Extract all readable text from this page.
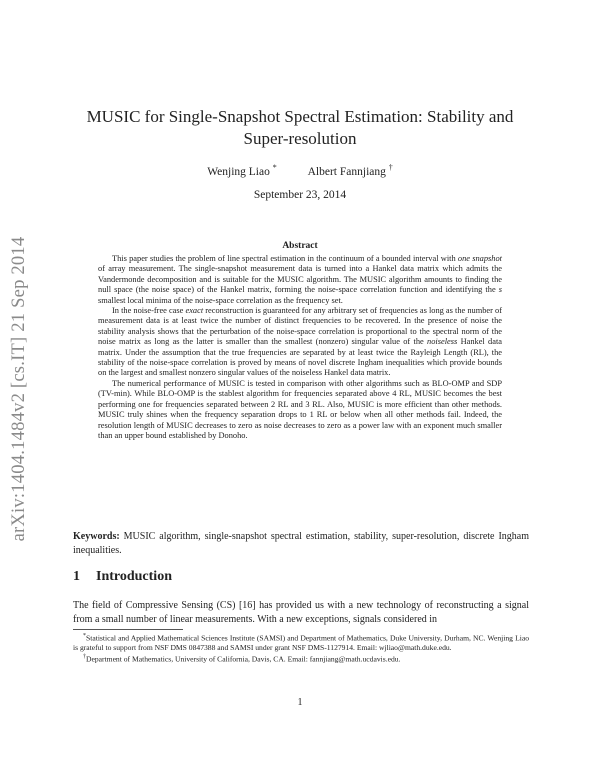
arXiv:1404.1484v2 [cs.IT] 21 Sep 2014
MUSIC for Single-Snapshot Spectral Estimation: Stability and Super-resolution
Wenjing Liao *	Albert Fannjiang †
September 23, 2014
Abstract

This paper studies the problem of line spectral estimation in the continuum of a bounded interval with one snapshot of array measurement. The single-snapshot measurement data is turned into a Hankel data matrix which admits the Vandermonde decomposition and is suitable for the MUSIC algorithm. The MUSIC algorithm amounts to finding the null space (the noise space) of the Hankel matrix, forming the noise-space correlation function and identifying the s smallest local minima of the noise-space correlation as the frequency set.

In the noise-free case exact reconstruction is guaranteed for any arbitrary set of frequencies as long as the number of measurement data is at least twice the number of distinct frequencies to be recovered. In the presence of noise the stability analysis shows that the perturbation of the noise-space correlation is proportional to the spectral norm of the noise matrix as long as the latter is smaller than the smallest (nonzero) singular value of the noiseless Hankel data matrix. Under the assumption that the true frequencies are separated by at least twice the Rayleigh Length (RL), the stability of the noise-space correlation is proved by means of novel discrete Ingham inequalities which provide bounds on the largest and smallest nonzero singular values of the noiseless Hankel data matrix.

The numerical performance of MUSIC is tested in comparison with other algorithms such as BLO-OMP and SDP (TV-min). While BLO-OMP is the stablest algorithm for frequencies separated above 4 RL, MUSIC becomes the best performing one for frequencies separated between 2 RL and 3 RL. Also, MUSIC is more efficient than other methods. MUSIC truly shines when the frequency separation drops to 1 RL or below when all other methods fail. Indeed, the resolution length of MUSIC decreases to zero as noise decreases to zero as a power law with an exponent much smaller than an upper bound established by Donoho.

Keywords: MUSIC algorithm, single-snapshot spectral estimation, stability, super-resolution, discrete Ingham inequalities.
1 Introduction
The field of Compressive Sensing (CS) [16] has provided us with a new technology of reconstructing a signal from a small number of linear measurements. With a new exceptions, signals considered in

*Statistical and Applied Mathematical Sciences Institute (SAMSI) and Department of Mathematics, Duke University, Durham, NC. Wenjing Liao is grateful to support from NSF DMS 0847388 and SAMSI under grant NSF DMS-1127914. Email: wjliao@math.duke.edu.

†Department of Mathematics, University of California, Davis, CA. Email: fannjiang@math.ucdavis.edu.

1
